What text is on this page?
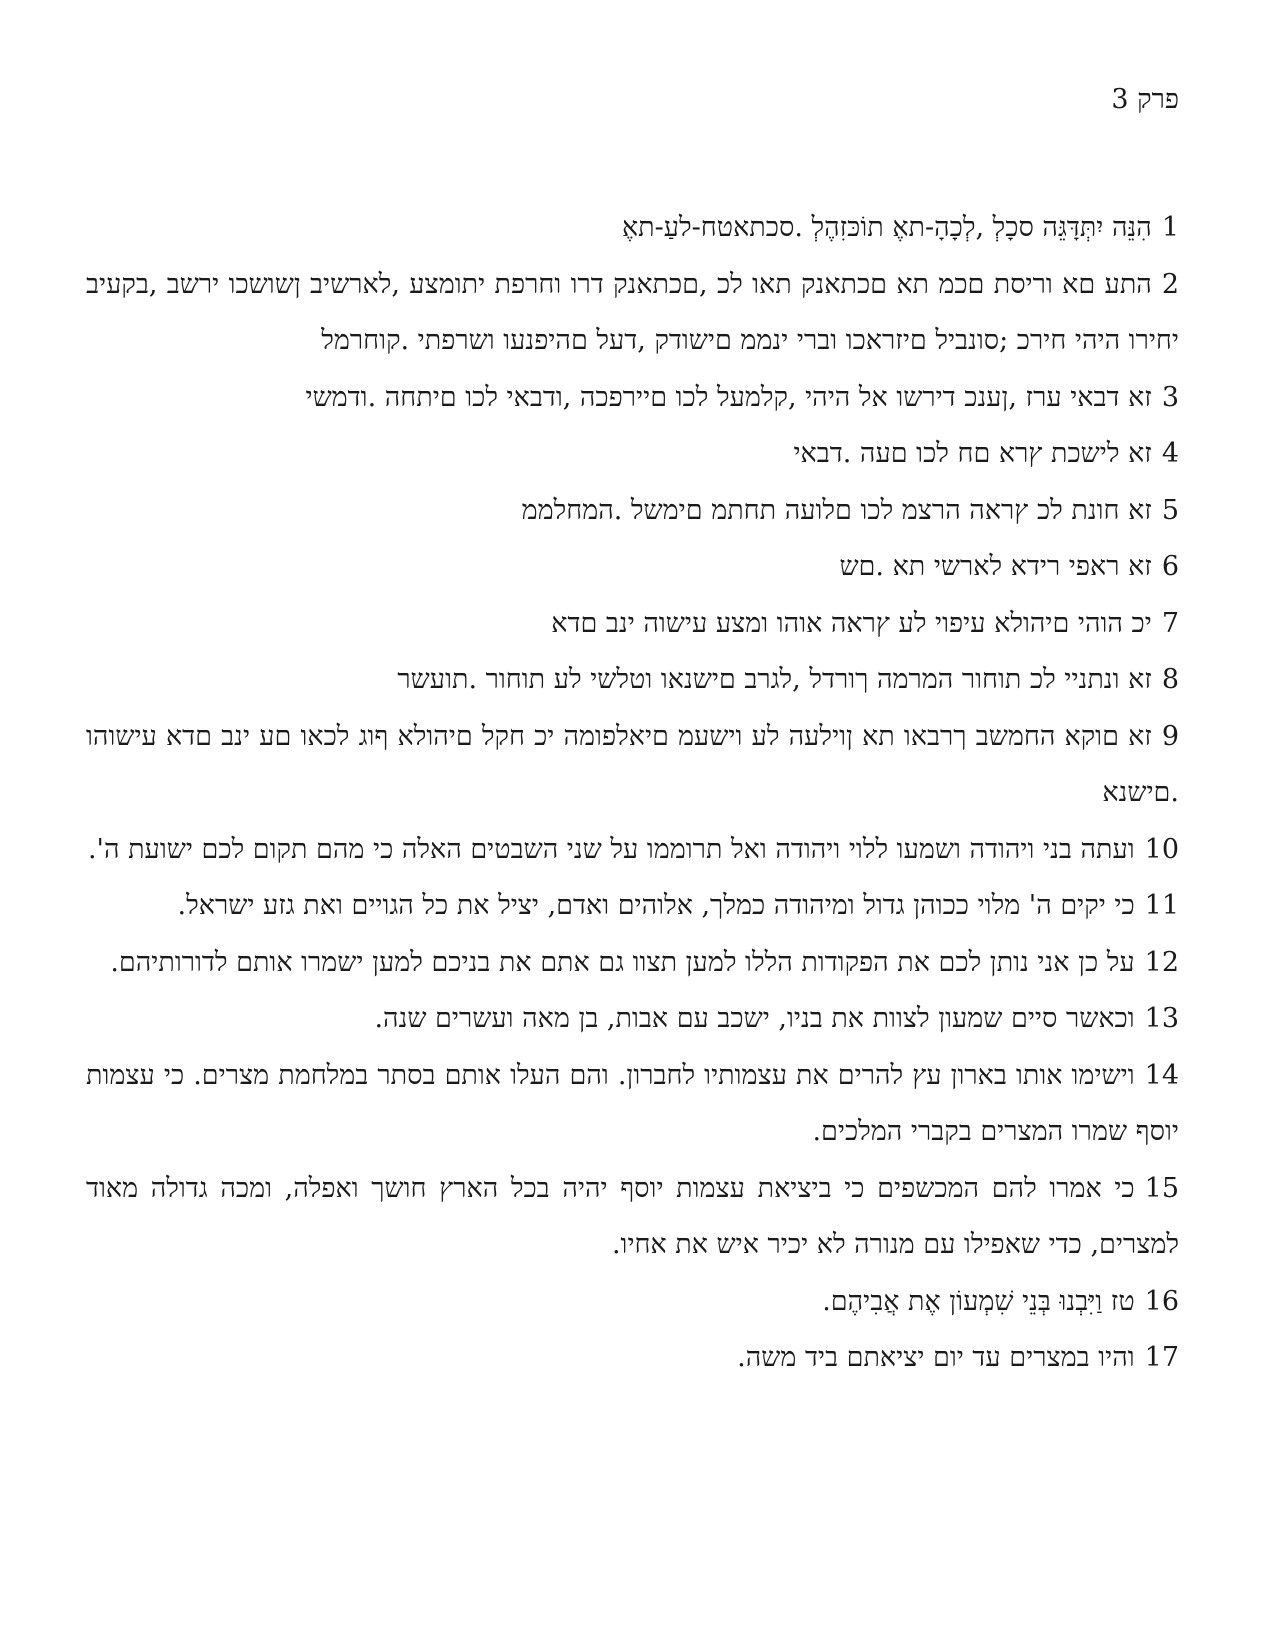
פרק 3

1הִנֵּה יִתְּדָּגֵּה סכָלְ ,לְכָהָ-תאֶ תוֹכּזִהֶלְ .סכתאטח-לעַ-תאֶ

2התע םא וריסת םכמ תא םכתאנק תאו לכ ,םכתאנק דרו וחרפת יתומצע ,לארשיב ןשושכו ירשב ,בקעיב יחירו היהי חירכ ;סונביל םיזראכו וברי ינממ םישודק ,דעל םהיפנעו ושרפתי .קוחרמל

3זא דבאי ערז ,ןענכ דירשו אל היהי ,קלמעל לכו םיירפכה ,ודבאי לכו םיתחה .ודמשי

4זא לישכת ץרא םח לכו םעה .דבאי

5זא חונת לכ ץראה הרצמ לכו םלועה תחתמ םימשל .המחלממ

6זא ראפי רידא לארשי תא .םש

7יכ הוהי םיהולא עיפוי לע ץראה אוהו ומצע עישוה ינב םדא

8זא ונתניי לכ תוחור המרמה ךורדל ,לגרב םישנאו וטלשי לע תוחור .תועשר

9זא םוקא החמשב ךרבאו תא ןוילעה לע וישעמ םיאלפומה יכ חקל םיהולא ףוג לכאו םע ינב םדא עישוהו .םישנא

10ועתה בני ויהודה ושמעו ללוי ויהודה ואל תרוממו על שני השבטים האלה כי מהם תקום לכם ישועת ה'.

11כי יקים ה' מלוי ככוהן גדול ומיהודה כמלך, אלוהים ואדם, יציל את כל הגויים ואת גזע ישראל.

12על כן אני נותן לכם את הפקודות הללו למען תצוו גם אתם את בניכם למען ישמרו אותם לדורותיהם.

13וכאשר סיים שמעון לצוות את בניו, ישכב עם אבות, בן מאה ועשרים שנה.

14וישימו אותו בארון עץ להרים את עצמותיו לחברון. והם העלו אותם בסתר במלחמת מצרים. כי עצמות יוסף שמרו המצרים בקברי המלכים.

15כי אמרו להם המכשפים כי ביציאת עצמות יוסף יהיה בכל הארץ חושך ואפלה, ומכה גדולה מאוד למצרים, כדי שאפילו עם מנורה לא יכיר איש את אחיו.

16טז וַיִּבְנוּ בְּנֵי שִׁמְעוֹן אֶת אֲבִיהֶם.

17והיו במצרים עד יום יציאתם ביד משה.
